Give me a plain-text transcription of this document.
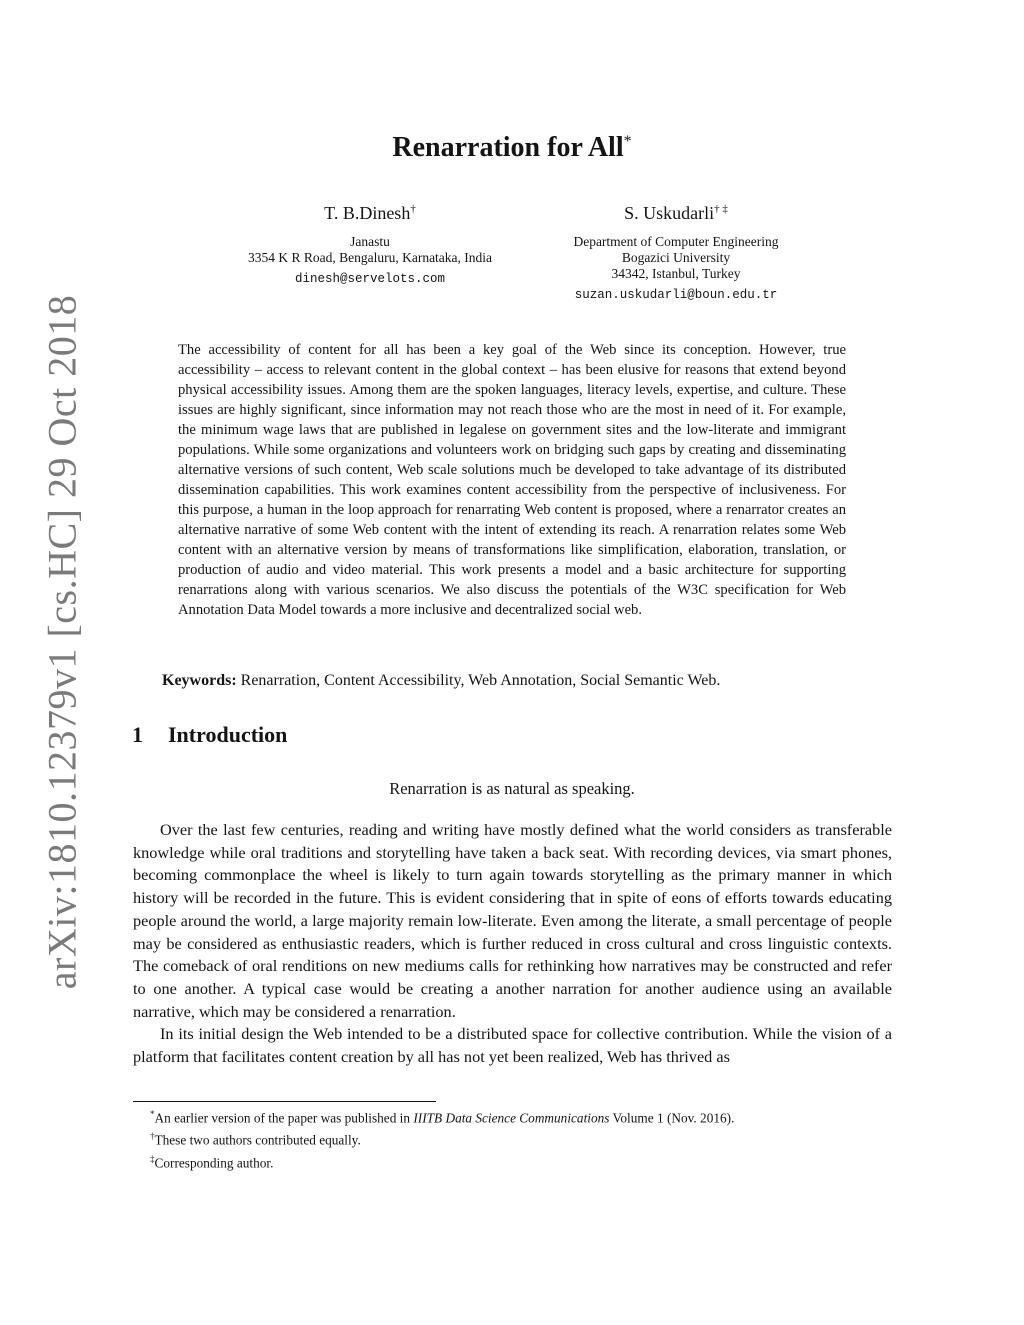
arXiv:1810.12379v1 [cs.HC] 29 Oct 2018
Renarration for All*
T. B.Dinesh†
Janastu
3354 K R Road, Bengaluru, Karnataka, India
dinesh@servelots.com
S. Uskudarli† ‡
Department of Computer Engineering
Bogazici University
34342, Istanbul, Turkey
suzan.uskudarli@boun.edu.tr

The accessibility of content for all has been a key goal of the Web since its conception. However, true accessibility – access to relevant content in the global context – has been elusive for reasons that extend beyond physical accessibility issues. Among them are the spoken languages, literacy levels, expertise, and culture. These issues are highly significant, since information may not reach those who are the most in need of it. For example, the minimum wage laws that are published in legalese on government sites and the low-literate and immigrant populations. While some organizations and volunteers work on bridging such gaps by creating and disseminating alternative versions of such content, Web scale solutions much be developed to take advantage of its distributed dissemination capabilities. This work examines content accessibility from the perspective of inclusiveness. For this purpose, a human in the loop approach for renarrating Web content is proposed, where a renarrator creates an alternative narrative of some Web content with the intent of extending its reach. A renarration relates some Web content with an alternative version by means of transformations like simplification, elaboration, translation, or production of audio and video material. This work presents a model and a basic architecture for supporting renarrations along with various scenarios. We also discuss the potentials of the W3C specification for Web Annotation Data Model towards a more inclusive and decentralized social web.

Keywords: Renarration, Content Accessibility, Web Annotation, Social Semantic Web.

1 Introduction

Renarration is as natural as speaking.

Over the last few centuries, reading and writing have mostly defined what the world considers as transferable knowledge while oral traditions and storytelling have taken a back seat. With recording devices, via smart phones, becoming commonplace the wheel is likely to turn again towards storytelling as the primary manner in which history will be recorded in the future. This is evident considering that in spite of eons of efforts towards educating people around the world, a large majority remain low-literate. Even among the literate, a small percentage of people may be considered as enthusiastic readers, which is further reduced in cross cultural and cross linguistic contexts. The comeback of oral renditions on new mediums calls for rethinking how narratives may be constructed and refer to one another. A typical case would be creating a another narration for another audience using an available narrative, which may be considered a renarration.

In its initial design the Web intended to be a distributed space for collective contribution. While the vision of a platform that facilitates content creation by all has not yet been realized, Web has thrived as

*An earlier version of the paper was published in IIITB Data Science Communications Volume 1 (Nov. 2016).
†These two authors contributed equally.
‡Corresponding author.
